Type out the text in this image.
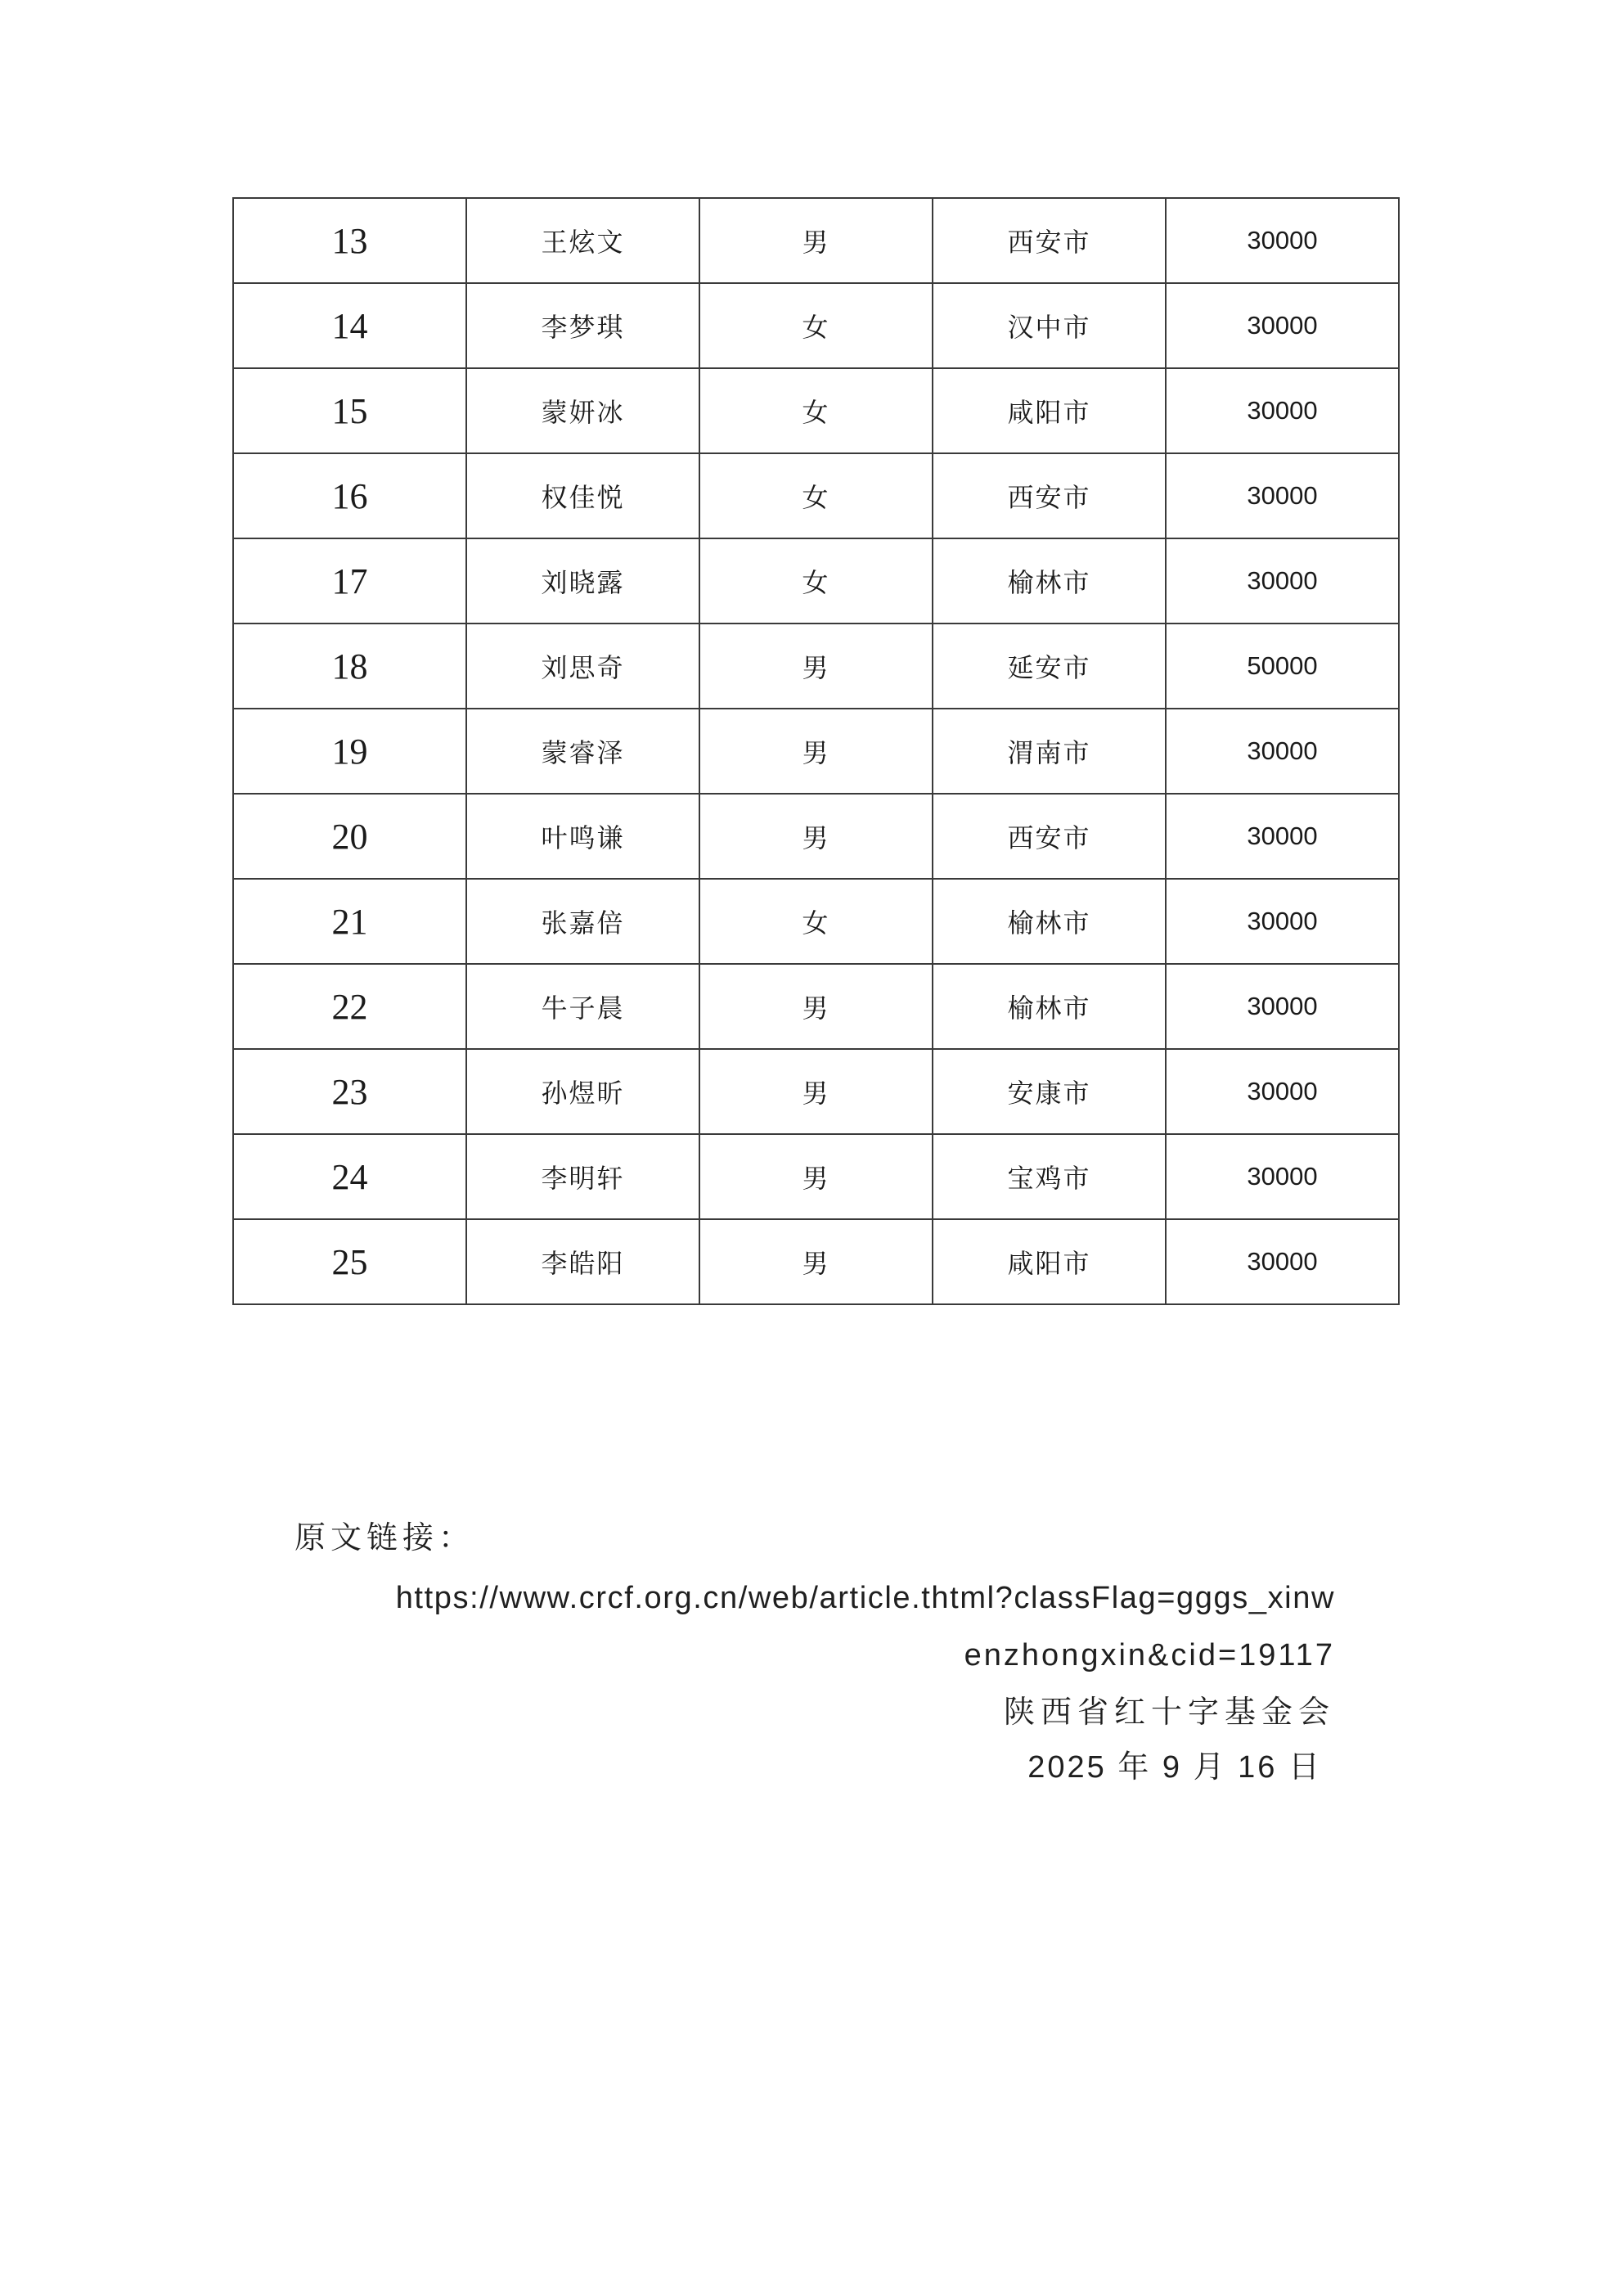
13	王炫文	男	西安市	30000
14	李梦琪	女	汉中市	30000
15	蒙妍冰	女	咸阳市	30000
16	权佳悦	女	西安市	30000
17	刘晓露	女	榆林市	30000
18	刘思奇	男	延安市	50000
19	蒙睿泽	男	渭南市	30000
20	叶鸣谦	男	西安市	30000
21	张嘉倍	女	榆林市	30000
22	牛子晨	男	榆林市	30000
23	孙煜昕	男	安康市	30000
24	李明轩	男	宝鸡市	30000
25	李皓阳	男	咸阳市	30000
原文链接：
https://www.crcf.org.cn/web/article.thtml?classFlag=gggs_xinw
enzhongxin&cid=19117
陕西省红十字基金会
2025 年 9 月 16 日
